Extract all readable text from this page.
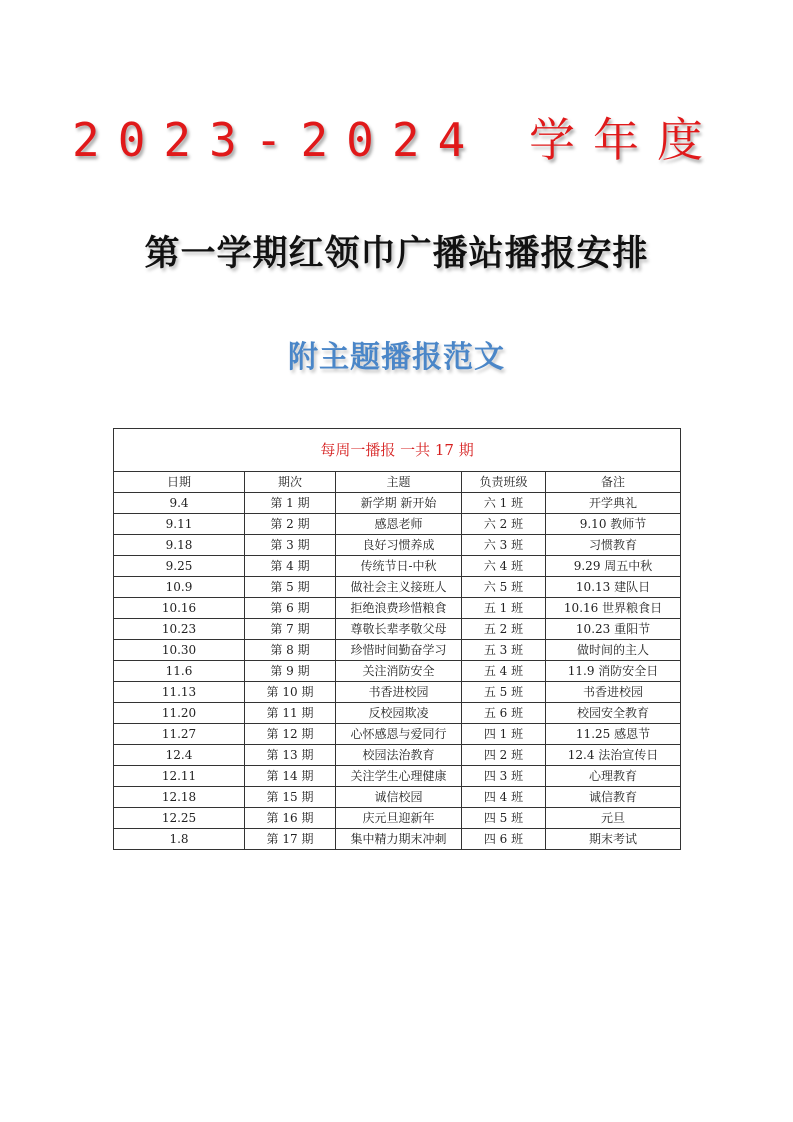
2023-2024 学年度
第一学期红领巾广播站播报安排
附主题播报范文
每周一播报 一共 17 期				
日期	期次	主题	负责班级	备注
9.4	第 1 期	新学期 新开始	六 1 班	开学典礼
9.11	第 2 期	感恩老师	六 2 班	9.10 教师节
9.18	第 3 期	良好习惯养成	六 3 班	习惯教育
9.25	第 4 期	传统节日-中秋	六 4 班	9.29 周五中秋
10.9	第 5 期	做社会主义接班人	六 5 班	10.13 建队日
10.16	第 6 期	拒绝浪费珍惜粮食	五 1 班	10.16 世界粮食日
10.23	第 7 期	尊敬长辈孝敬父母	五 2 班	10.23 重阳节
10.30	第 8 期	珍惜时间勤奋学习	五 3 班	做时间的主人
11.6	第 9 期	关注消防安全	五 4 班	11.9 消防安全日
11.13	第 10 期	书香进校园	五 5 班	书香进校园
11.20	第 11 期	反校园欺凌	五 6 班	校园安全教育
11.27	第 12 期	心怀感恩与爱同行	四 1 班	11.25 感恩节
12.4	第 13 期	校园法治教育	四 2 班	12.4 法治宣传日
12.11	第 14 期	关注学生心理健康	四 3 班	心理教育
12.18	第 15 期	诚信校园	四 4 班	诚信教育
12.25	第 16 期	庆元旦迎新年	四 5 班	元旦
1.8	第 17 期	集中精力期末冲刺	四 6 班	期末考试
